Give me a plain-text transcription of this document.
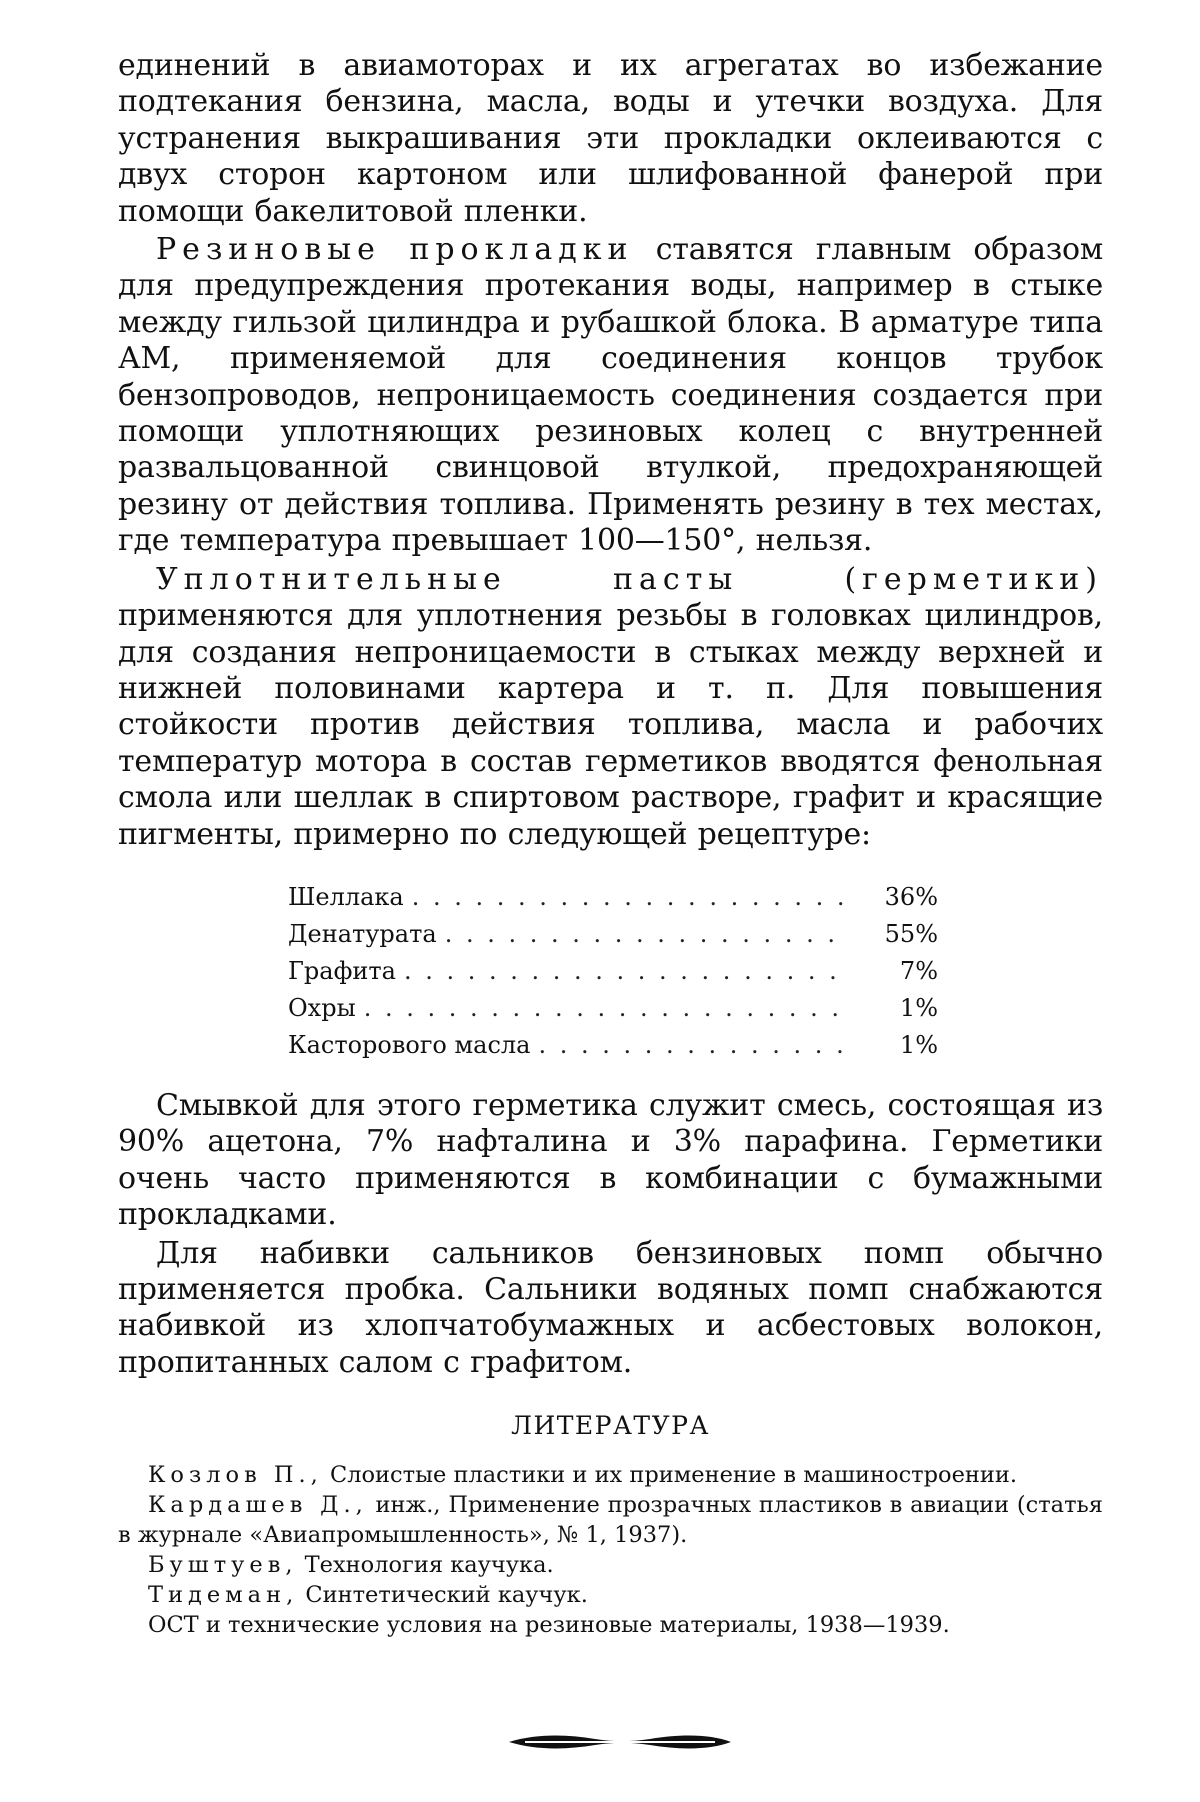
единений в авиамоторах и их агрегатах во избежание подтекания бензина, масла, воды и утечки воздуха. Для устранения выкрашивания эти прокладки оклеиваются с двух сторон картоном или шлифованной фанерой при помощи бакелитовой пленки.

Резиновые прокладки ставятся главным образом для предупреждения протекания воды, например в стыке между гильзой цилиндра и рубашкой блока. В арматуре типа АМ, применяемой для соединения концов трубок бензопроводов, непроницаемость соединения создается при помощи уплотняющих резиновых колец с внутренней развальцованной свинцовой втулкой, предохраняющей резину от действия топлива. Применять резину в тех местах, где температура превышает 100—150°, нельзя.

Уплотнительные пасты (герметики) применяются для уплотнения резьбы в головках цилиндров, для создания непроницаемости в стыках между верхней и нижней половинами картера и т. п. Для повышения стойкости против действия топлива, масла и рабочих температур мотора в состав герметиков вводятся фенольная смола или шеллак в спиртовом растворе, графит и красящие пигменты, примерно по следующей рецептуре:

Шеллака . . .	36%
Денатурата . . .	55%
Графита . . .	7%
Охры . . .	1%
Касторового масла . . .	1%

Смывкой для этого герметика служит смесь, состоящая из 90% ацетона, 7% нафталина и 3% парафина. Герметики очень часто применяются в комбинации с бумажными прокладками.

Для набивки сальников бензиновых помп обычно применяется пробка. Сальники водяных помп снабжаются набивкой из хлопчатобумажных и асбестовых волокон, пропитанных салом с графитом.

ЛИТЕРАТУРА
Козлов П., Слоистые пластики и их применение в машиностроении.
Кардашев Д., инж., Применение прозрачных пластиков в авиации (статья в журнале «Авиапромышленность», № 1, 1937).
Буштуев, Технология каучука.
Тидеман, Синтетический каучук.
ОСТ и технические условия на резиновые материалы, 1938—1939.
